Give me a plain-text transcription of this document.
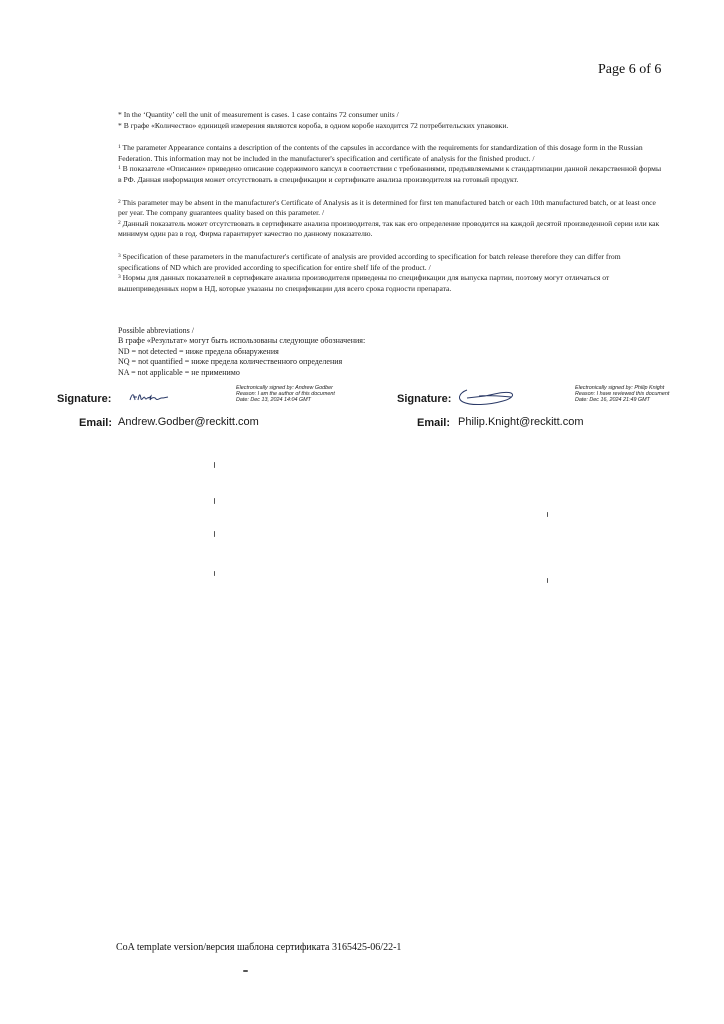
Page 6 of 6

* In the ‘Quantity’ cell the unit of measurement is cases. 1 case contains 72 consumer units /

* В графе «Количество» единицей измерения являются коробa, в одном коробе находится 72 потребительских упаковки.

$^1$ The parameter Appearance contains a description of the contents of the capsules in accordance with the requirements for standardization of this dosage form in the Russian Federation. This information may not be included in the manufacturer's specification and certificate of analysis for the finished product. /

$^1$ В показателе «Описание» приведено описание содержимого капсул в соответствии с требованиями, предъявляемыми к стандартизации данной лекарственной формы в РФ. Данная информация может отсутствовать в спецификации и сертификате анализа производителя на готовый продукт.

$^2$ This parameter may be absent in the manufacturer's Certificate of Analysis as it is determined for first ten manufactured batch or each 10th manufactured batch, or at least once per year. The company guarantees quality based on this parameter. /

$^2$ Данный показатель может отсутствовать в сертификате анализа производителя, так как его определение проводится на каждой десятой произведенной серии или как минимум один раз в год. Фирма гарантирует качество по данному показателю.

$^3$ Specification of these parameters in the manufacturer's certificate of analysis are provided according to specification for batch release therefore they can differ from specifications of ND which are provided according to specification for entire shelf life of the product. /

$^3$ Нормы для данных показателей в сертификате анализа производителя приведены по спецификации для выпуска партии, поэтому могут отличаться от вышеприведенных норм в НД, которые указаны по спецификации для всего срока годности препарата.

Possible abbreviations /

В графе «Результат» могут быть использованы следующие обозначения:

ND = not detected = ниже предела обнаружения

NQ = not quantified = ниже предела количественного определения

NA = not applicable = не применимо

Signature:

Electronically signed by: Andrew Godber

Reason: I am the author of this document

Date: Dec 13, 2024 14:04 GMT

Email: Andrew.Godber@reckitt.com
Signature:

Electronically signed by: Philip Knight

Reason: I have reviewed this document

Date: Dec 16, 2024 21:49 GMT

Email: Philip.Knight@reckitt.com
CoA template version/версия шаблона сертификата 3165425-06/22-1
